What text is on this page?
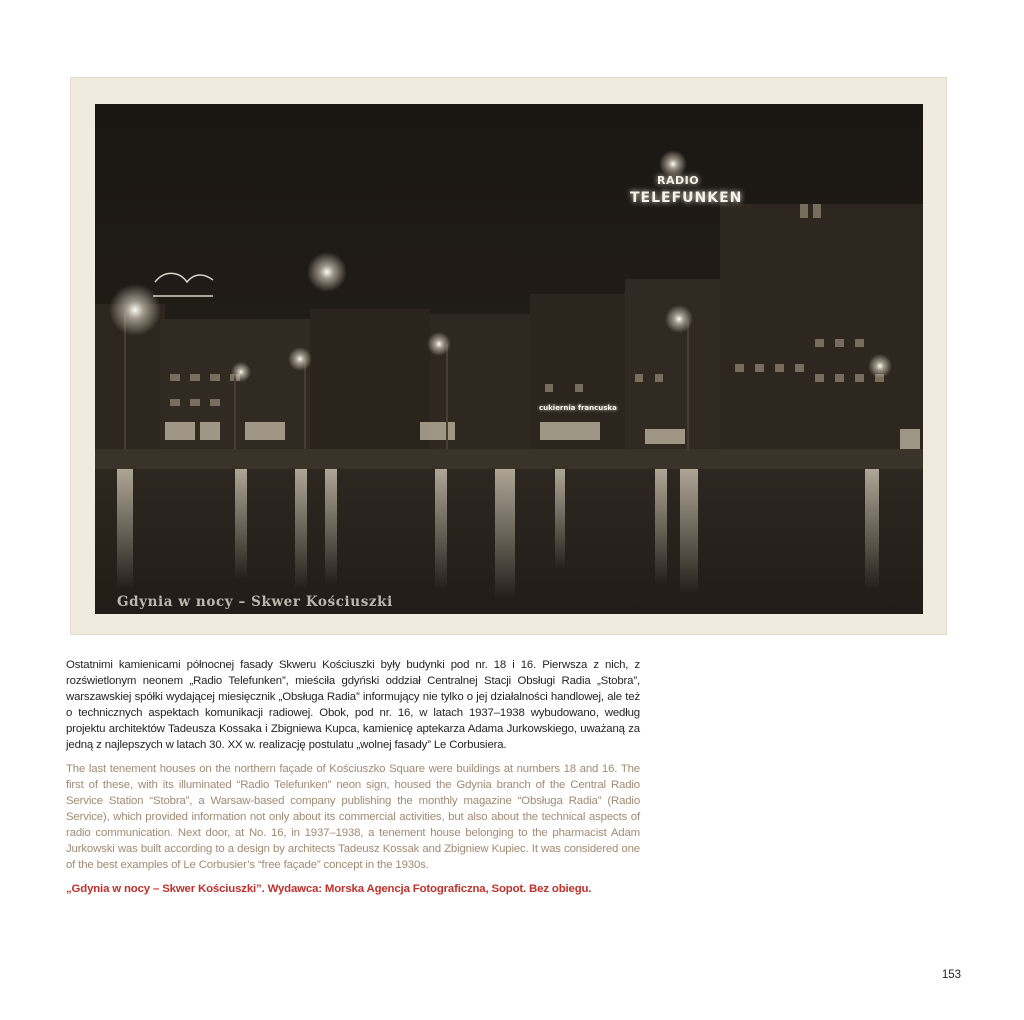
RADIO
TELEFUNKEN
cukiernia francuska
Gdynia w nocy – Skwer Kościuszki

Ostatnimi kamienicami północnej fasady Skweru Kościuszki były budynki pod nr. 18 i 16. Pierwsza z nich, z rozświetlonym neonem „Radio Telefunken”, mieściła gdyński oddział Centralnej Stacji Obsługi Radia „Stobra”, warszawskiej spółki wydającej miesięcznik „Obsługa Radia” informujący nie tylko o jej działalności handlowej, ale też o technicznych aspektach komunikacji radiowej. Obok, pod nr. 16, w latach 1937–1938 wybudowano, według projektu architektów Tadeusza Kossaka i Zbigniewa Kupca, kamienicę aptekarza Adama Jurkowskiego, uważaną za jedną z najlepszych w latach 30. XX w. realizację postulatu „wolnej fasady” Le Corbusiera.

The last tenement houses on the northern façade of Kościuszko Square were buildings at numbers 18 and 16. The first of these, with its illuminated “Radio Telefunken” neon sign, housed the Gdynia branch of the Central Radio Service Station “Stobra”, a Warsaw-based company publishing the monthly magazine “Obsługa Radia” (Radio Service), which provided information not only about its commercial activities, but also about the technical aspects of radio communication. Next door, at No. 16, in 1937–1938, a tenement house belonging to the pharmacist Adam Jurkowski was built according to a design by architects Tadeusz Kossak and Zbigniew Kupiec. It was considered one of the best examples of Le Corbusier’s “free façade” concept in the 1930s.

„Gdynia w nocy – Skwer Kościuszki”. Wydawca: Morska Agencja Fotograficzna, Sopot. Bez obiegu.

153
